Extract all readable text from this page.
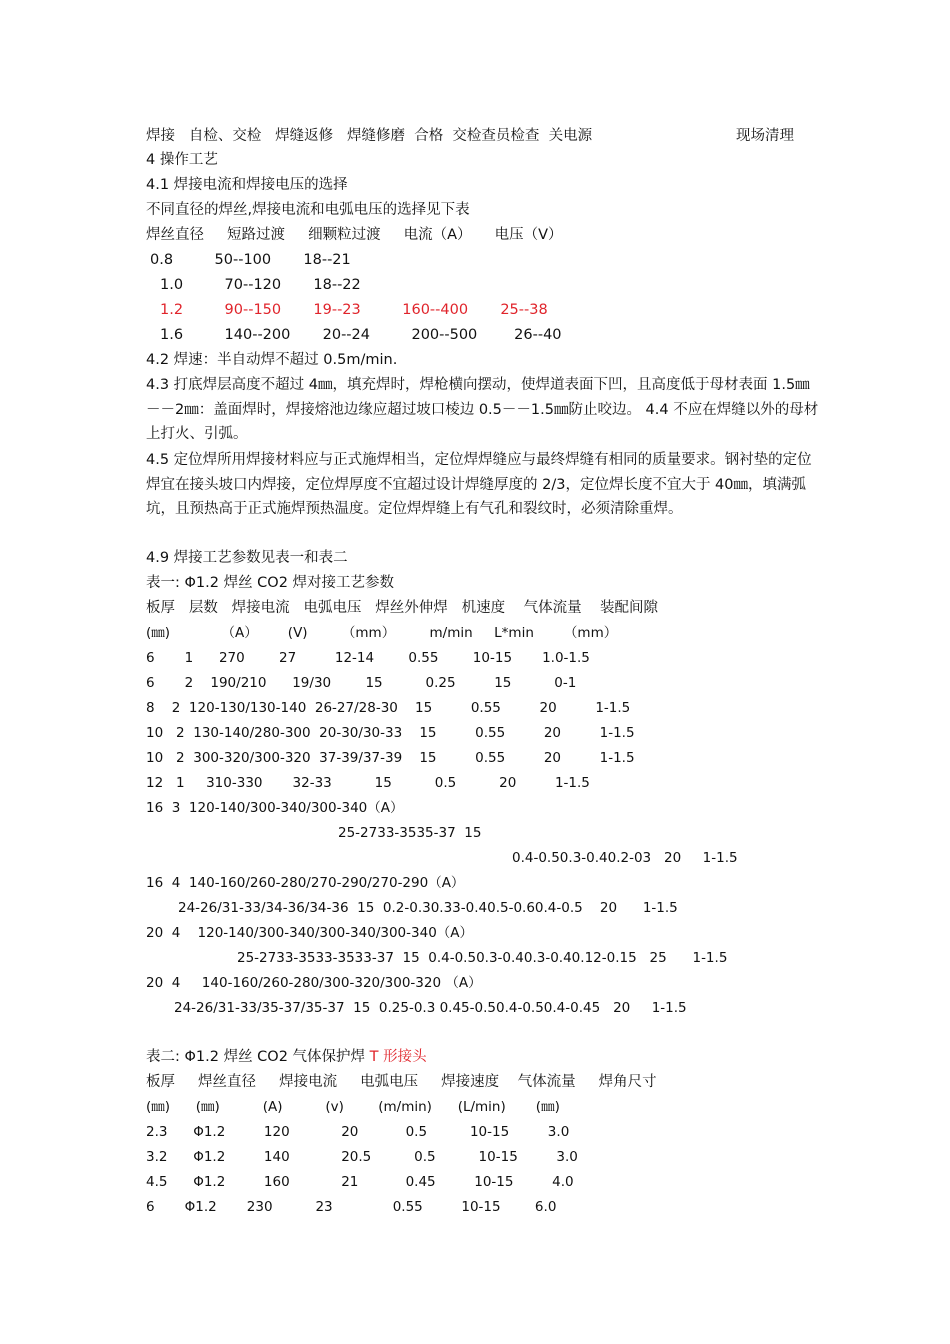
焊接   自检、交检   焊缝返修   焊缝修磨  合格  交检查员检查  关电源	现场清理
4 操作工艺
4.1 焊接电流和焊接电压的选择
不同直径的焊丝,焊接电流和电弧电压的选择见下表
焊丝直径     短路过渡     细颗粒过渡     电流（A）     电压（V）
0.8         50--100       18--21
1.0         70--120       18--22
1.2         90--150       19--23         160--400       25--38
1.6         140--200       20--24         200--500        26--40
4.2 焊速：半自动焊不超过 0.5m/min.
4.3 打底焊层高度不超过 4㎜，填充焊时，焊枪横向摆动，使焊道表面下凹，且高度低于母材表面 1.5㎜－－2㎜：盖面焊时，焊接熔池边缘应超过坡口棱边 0.5－－1.5㎜防止咬边。 4.4 不应在焊缝以外的母材上打火、引弧。
4.5 定位焊所用焊接材料应与正式施焊相当，定位焊焊缝应与最终焊缝有相同的质量要求。钢衬垫的定位焊宜在接头坡口内焊接，定位焊厚度不宜超过设计焊缝厚度的 2/3，定位焊长度不宜大于 40㎜，填满弧坑，且预热高于正式施焊预热温度。定位焊焊缝上有气孔和裂纹时，必须清除重焊。
4.9 焊接工艺参数见表一和表二
表一: Φ1.2 焊丝 CO2 焊对接工艺参数
板厚   层数   焊接电流   电弧电压   焊丝外伸焊   机速度    气体流量    装配间隙
(㎜)            （A）       (V)        （mm）        m/min     L*min       （mm）
6       1      270        27         12-14        0.55        10-15       1.0-1.5
6       2    190/210      19/30        15          0.25         15          0-1
8    2  120-130/130-140  26-27/28-30    15         0.55         20         1-1.5
10   2  130-140/280-300  20-30/30-33    15         0.55         20         1-1.5
10   2  300-320/300-320  37-39/37-39    15         0.55         20         1-1.5
12   1     310-330       32-33          15          0.5          20         1-1.5
16  3  120-140/300-340/300-340（A）
25-2733-3535-37  15
0.4-0.50.3-0.40.2-03   20     1-1.5
16  4  140-160/260-280/270-290/270-290（A）
24-26/31-33/34-36/34-36  15  0.2-0.30.33-0.40.5-0.60.4-0.5    20      1-1.5
20  4    120-140/300-340/300-340/300-340（A）
25-2733-3533-3533-37  15  0.4-0.50.3-0.40.3-0.40.12-0.15   25      1-1.5
20  4     140-160/260-280/300-320/300-320 （A）
24-26/31-33/35-37/35-37  15  0.25-0.3 0.45-0.50.4-0.50.4-0.45   20     1-1.5
表二: Φ1.2 焊丝 CO2 气体保护焊 T 形接头
板厚     焊丝直径     焊接电流     电弧电压     焊接速度    气体流量     焊角尺寸
(㎜)      (㎜)          (A)          (v)        (m/min)      (L/min)       (㎜)
2.3      Φ1.2         120            20           0.5          10-15         3.0
3.2      Φ1.2         140            20.5          0.5          10-15         3.0
4.5      Φ1.2         160            21           0.45         10-15         4.0
6       Φ1.2       230          23              0.55         10-15        6.0
